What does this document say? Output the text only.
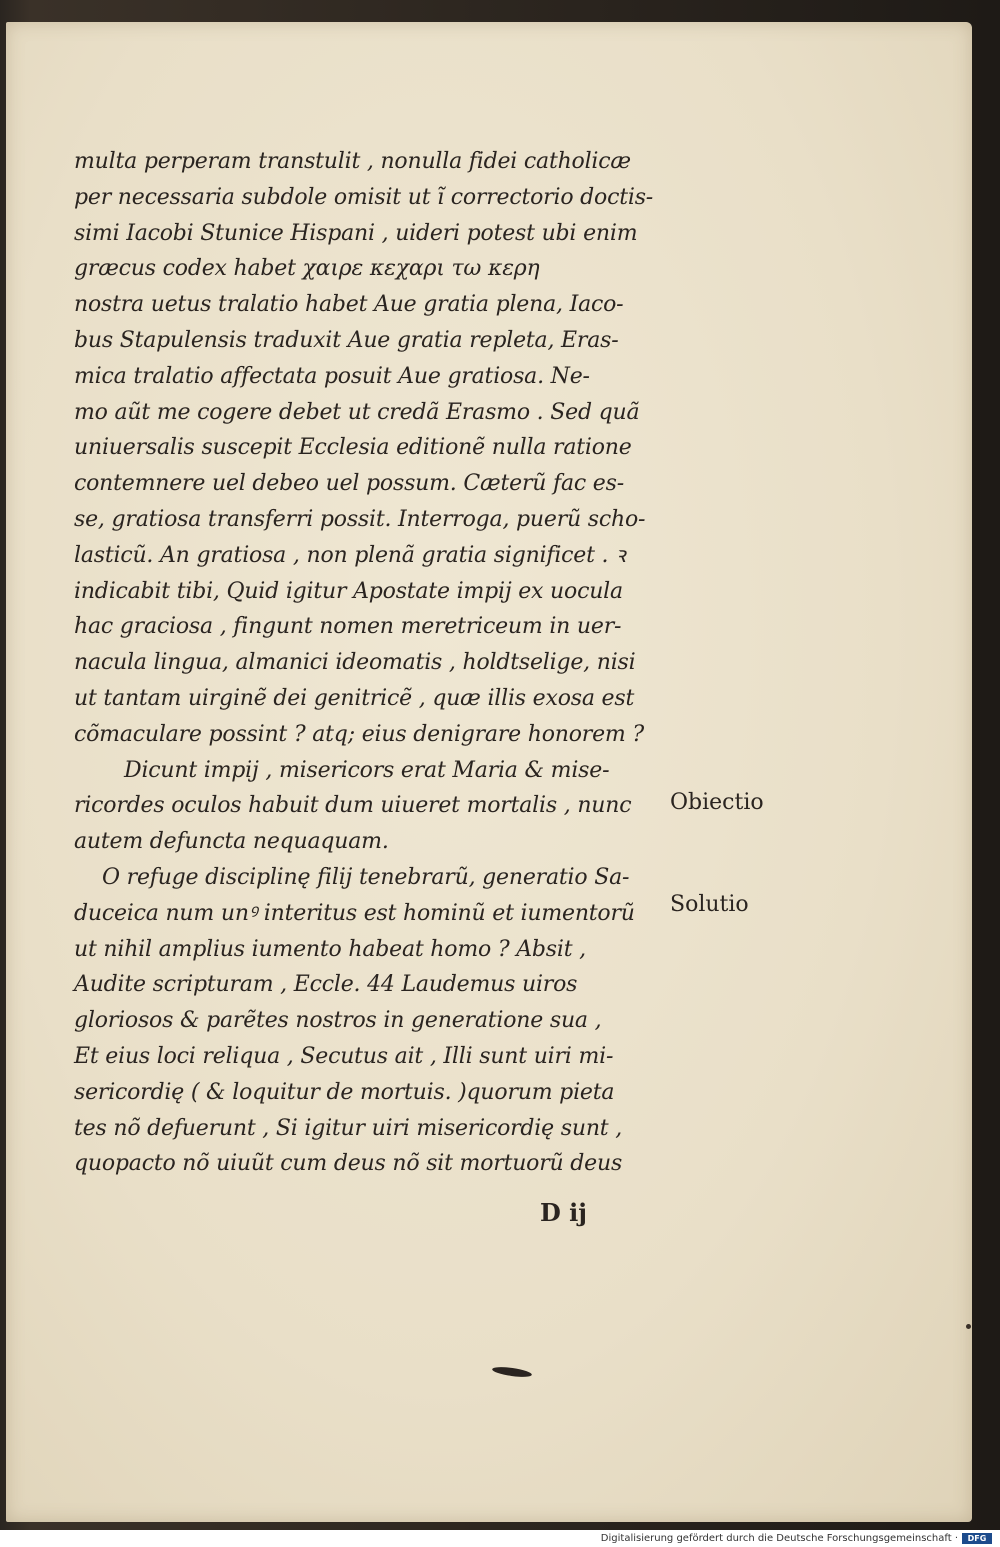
multa perperam transtulit , nonulla fidei catholicæ
per necessaria subdole omisit ut ĩ correctorio doctis-
simi Iacobi Stunice Hispani , uideri potest ubi enim
græcus codex habet χαιρε κεχαρι τω κερη
nostra uetus tralatio habet Aue gratia plena, Iaco-
bus Stapulensis traduxit Aue gratia repleta, Eras-
mica tralatio affectata posuit Aue gratiosa. Ne-
mo aũt me cogere debet ut credã Erasmo . Sed quã
uniuersalis suscepit Ecclesia editionẽ nulla ratione
contemnere uel debeo uel possum. Cæterũ fac es-
se, gratiosa transferri possit. Interroga, puerũ scho-
lasticũ. An gratiosa , non plenã gratia significet . ꝛ
indicabit tibi, Quid igitur Apostate impij ex uocula
hac graciosa , fingunt nomen meretriceum in uer-
nacula lingua, almanici ideomatis , holdtselige, nisi
ut tantam uirginẽ dei genitricẽ , quæ illis exosa est
cõmaculare possint ? atq; eius denigrare honorem ?
Dicunt impij , misericors erat Maria & mise-
ricordes oculos habuit dum uiueret mortalis , nunc
autem defuncta nequaquam.
O refuge disciplinę filij tenebrarũ, generatio Sa-
duceica num unꝰ interitus est hominũ et iumentorũ
ut nihil amplius iumento habeat homo ? Absit ,
Audite scripturam , Eccle. 44 Laudemus uiros
gloriosos & parẽtes nostros in generatione sua ,
Et eius loci reliqua , Secutus ait , Illi sunt uiri mi-
sericordię ( & loquitur de mortuis. )quorum pieta
tes nõ defuerunt , Si igitur uiri misericordię sunt ,
quopacto nõ uiuũt cum deus nõ sit mortuorũ deus
Obiectio
Solutio
D ij
Digitalisierung gefördert durch die Deutsche Forschungsgemeinschaft ·	DFG
